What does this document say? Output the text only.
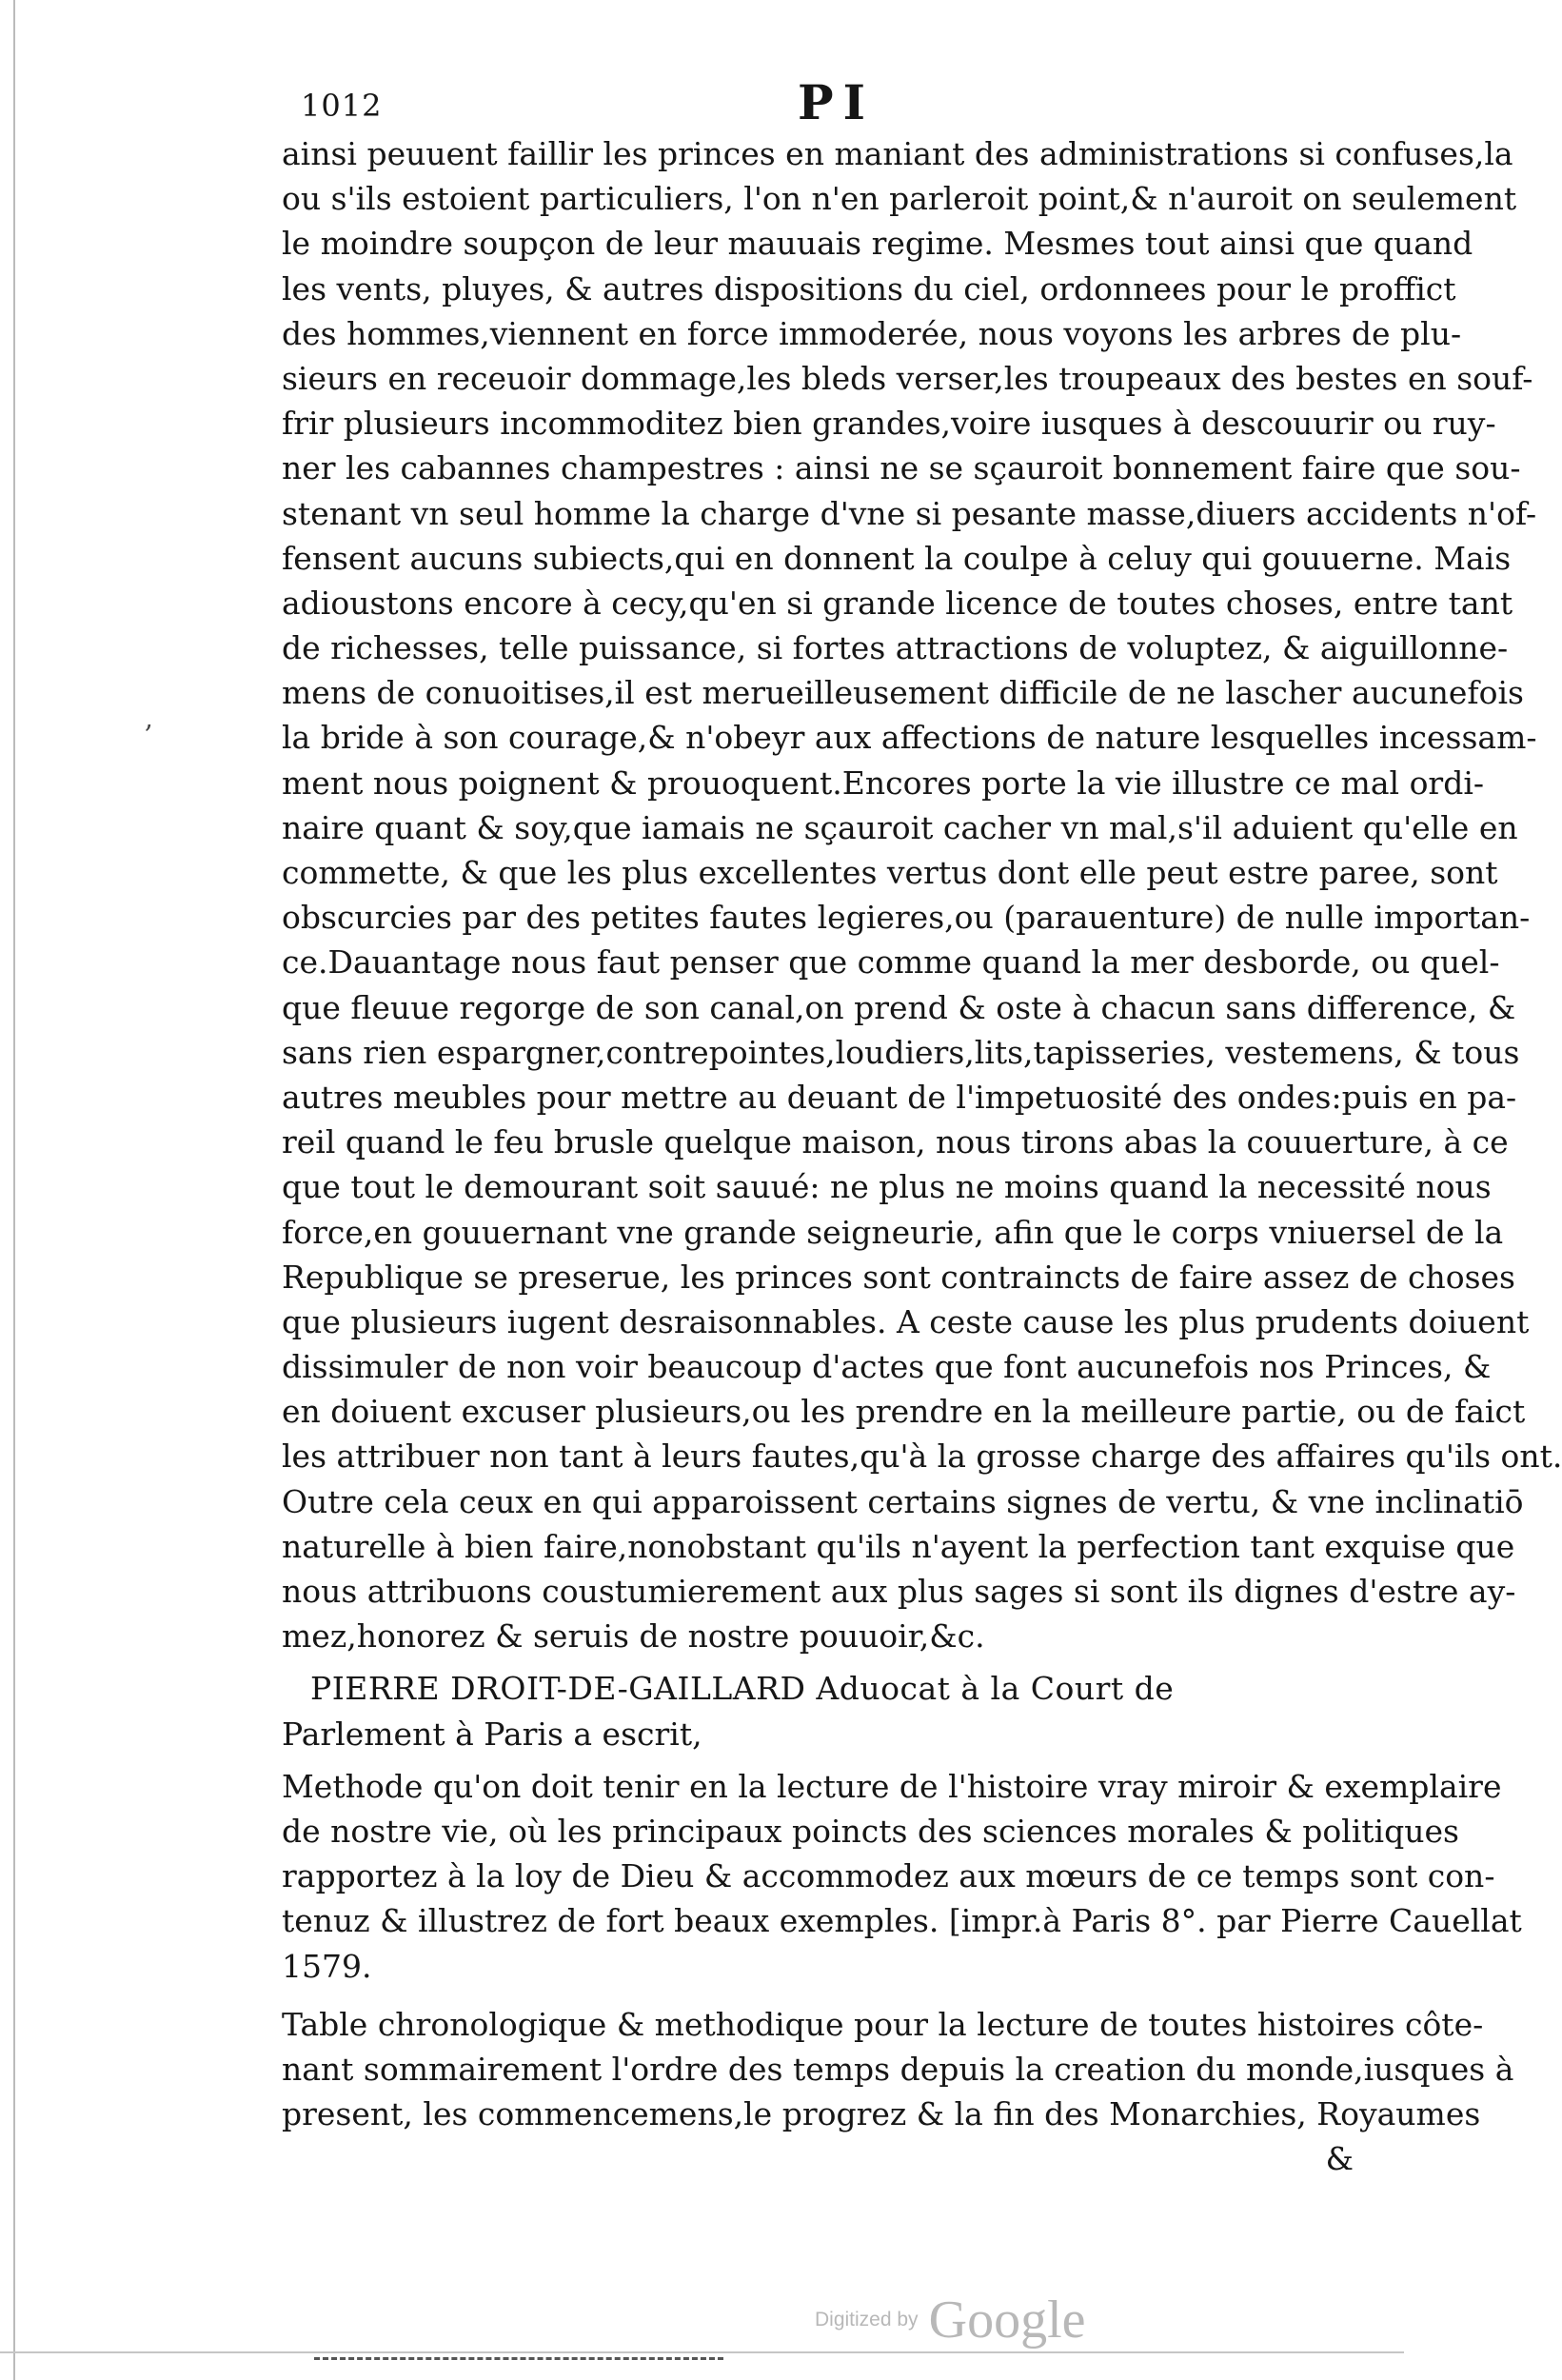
1012	PI
,
ainsi peuuent faillir les princes en maniant des administrations si confuses,la
ou s'ils estoient particuliers, l'on n'en parleroit point,& n'auroit on seulement
le moindre soupçon de leur mauuais regime. Mesmes tout ainsi que quand
les vents, pluyes, & autres dispositions du ciel, ordonnees pour le proffict
des hommes,viennent en force immoderée, nous voyons les arbres de plu-
sieurs en receuoir dommage,les bleds verser,les troupeaux des bestes en souf-
frir plusieurs incommoditez bien grandes,voire iusques à descouurir ou ruy-
ner les cabannes champestres : ainsi ne se sçauroit bonnement faire que sou-
stenant vn seul homme la charge d'vne si pesante masse,diuers accidents n'of-
fensent aucuns subiects,qui en donnent la coulpe à celuy qui gouuerne. Mais
adioustons encore à cecy,qu'en si grande licence de toutes choses, entre tant
de richesses, telle puissance, si fortes attractions de voluptez, & aiguillonne-
mens de conuoitises,il est merueilleusement difficile de ne lascher aucunefois
la bride à son courage,& n'obeyr aux affections de nature lesquelles incessam-
ment nous poignent & prouoquent.Encores porte la vie illustre ce mal ordi-
naire quant & soy,que iamais ne sçauroit cacher vn mal,s'il aduient qu'elle en
commette, & que les plus excellentes vertus dont elle peut estre paree, sont
obscurcies par des petites fautes legieres,ou (parauenture) de nulle importan-
ce.Dauantage nous faut penser que comme quand la mer desborde, ou quel-
que fleuue regorge de son canal,on prend & oste à chacun sans difference, &
sans rien espargner,contrepointes,loudiers,lits,tapisseries, vestemens, & tous
autres meubles pour mettre au deuant de l'impetuosité des ondes:puis en pa-
reil quand le feu brusle quelque maison, nous tirons abas la couuerture, à ce
que tout le demourant soit sauué: ne plus ne moins quand la necessité nous
force,en gouuernant vne grande seigneurie, afin que le corps vniuersel de la
Republique se preserue, les princes sont contraincts de faire assez de choses
que plusieurs iugent desraisonnables. A ceste cause les plus prudents doiuent
dissimuler de non voir beaucoup d'actes que font aucunefois nos Princes, &
en doiuent excuser plusieurs,ou les prendre en la meilleure partie, ou de faict
les attribuer non tant à leurs fautes,qu'à la grosse charge des affaires qu'ils ont.
Outre cela ceux en qui apparoissent certains signes de vertu, & vne inclinatiō
naturelle à bien faire,nonobstant qu'ils n'ayent la perfection tant exquise que
nous attribuons coustumierement aux plus sages si sont ils dignes d'estre ay-
mez,honorez & seruis de nostre pouuoir,&c.
PIERRE DROIT-DE-GAILLARD Aduocat à la Court de
Parlement à Paris a escrit,
Methode qu'on doit tenir en la lecture de l'histoire vray miroir & exemplaire
de nostre vie, où les principaux poincts des sciences morales & politiques
rapportez à la loy de Dieu & accommodez aux mœurs de ce temps sont con-
tenuz & illustrez de fort beaux exemples. [impr.à Paris 8°. par Pierre Cauellat
1579.
Table chronologique & methodique pour la lecture de toutes histoires côte-
nant sommairement l'ordre des temps depuis la creation du monde,iusques à
present, les commencemens,le progrez & la fin des Monarchies, Royaumes
&
Digitized by Google
